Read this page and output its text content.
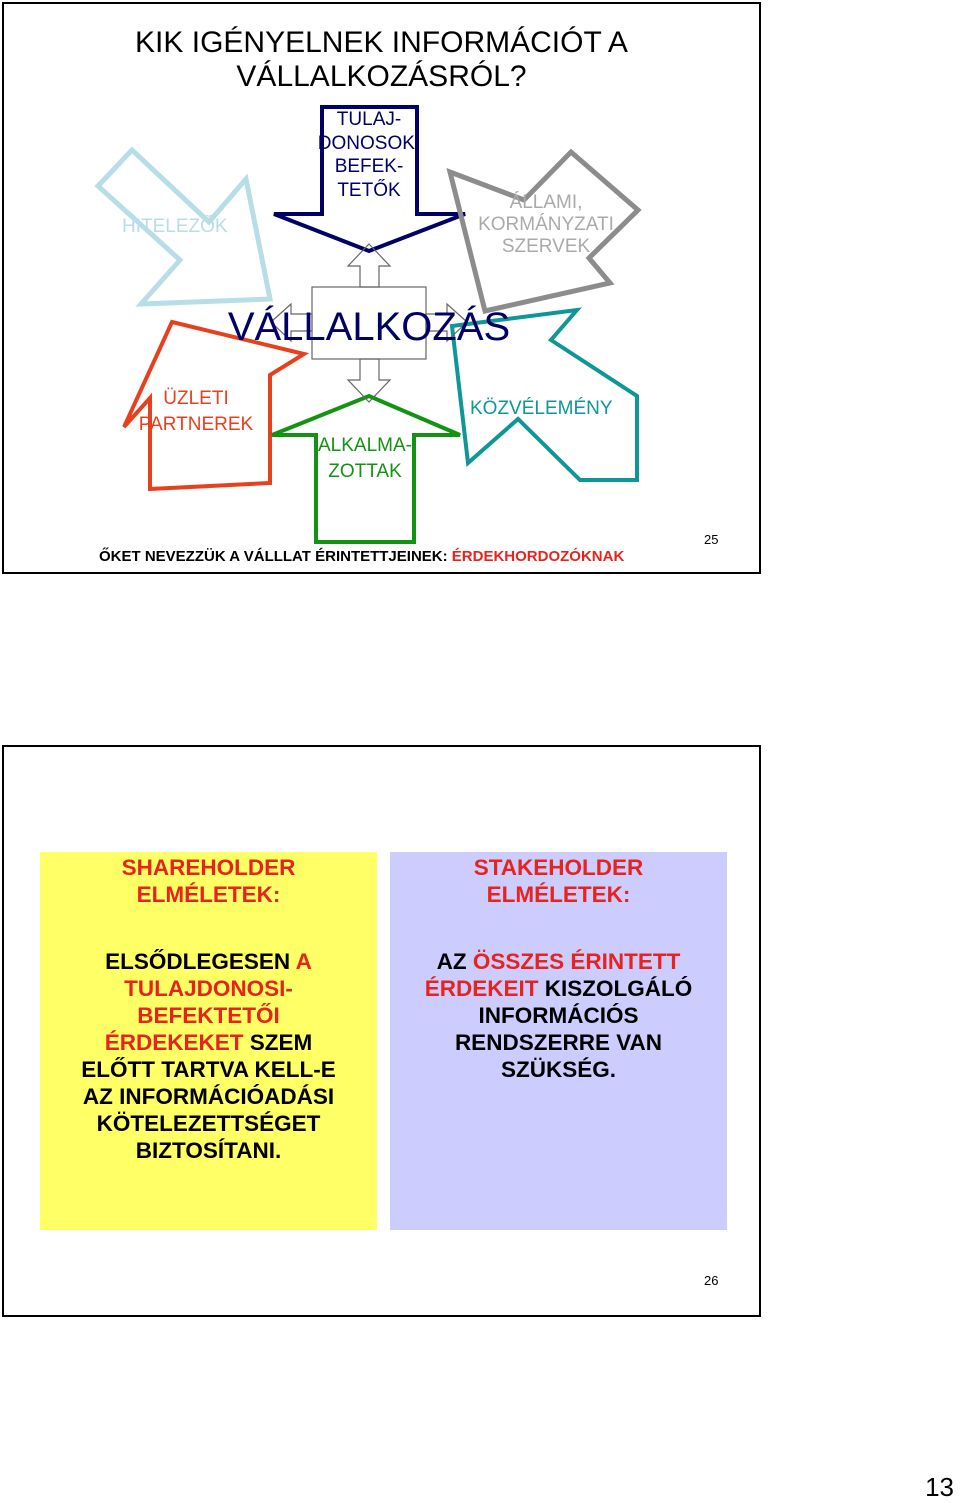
KIK IGÉNYELNEK INFORMÁCIÓT A
VÁLLALKOZÁSRÓL?
HITELEZŐK
TULAJ-
DONOSOK,
BEFEK-
TETŐK
ÁLLAMI,
KORMÁNYZATI
SZERVEK
VÁLLALKOZÁS
ÜZLETI
PARTNEREK
ALKALMA-
ZOTTAK
KÖZVÉLEMÉNY
ŐKET NEVEZZÜK A VÁLLLAT ÉRINTETTJEINEK: ÉRDEKHORDOZÓKNAK
25
SHAREHOLDER
ELMÉLETEK:
ELSŐDLEGESEN A
TULAJDONOSI-
BEFEKTETŐI
ÉRDEKEKET SZEM
ELŐTT TARTVA KELL-E
AZ INFORMÁCIÓADÁSI
KÖTELEZETTSÉGET
BIZTOSÍTANI.
STAKEHOLDER
ELMÉLETEK:
AZ ÖSSZES ÉRINTETT
ÉRDEKEIT KISZOLGÁLÓ
INFORMÁCIÓS
RENDSZERRE VAN
SZÜKSÉG.
26
13
